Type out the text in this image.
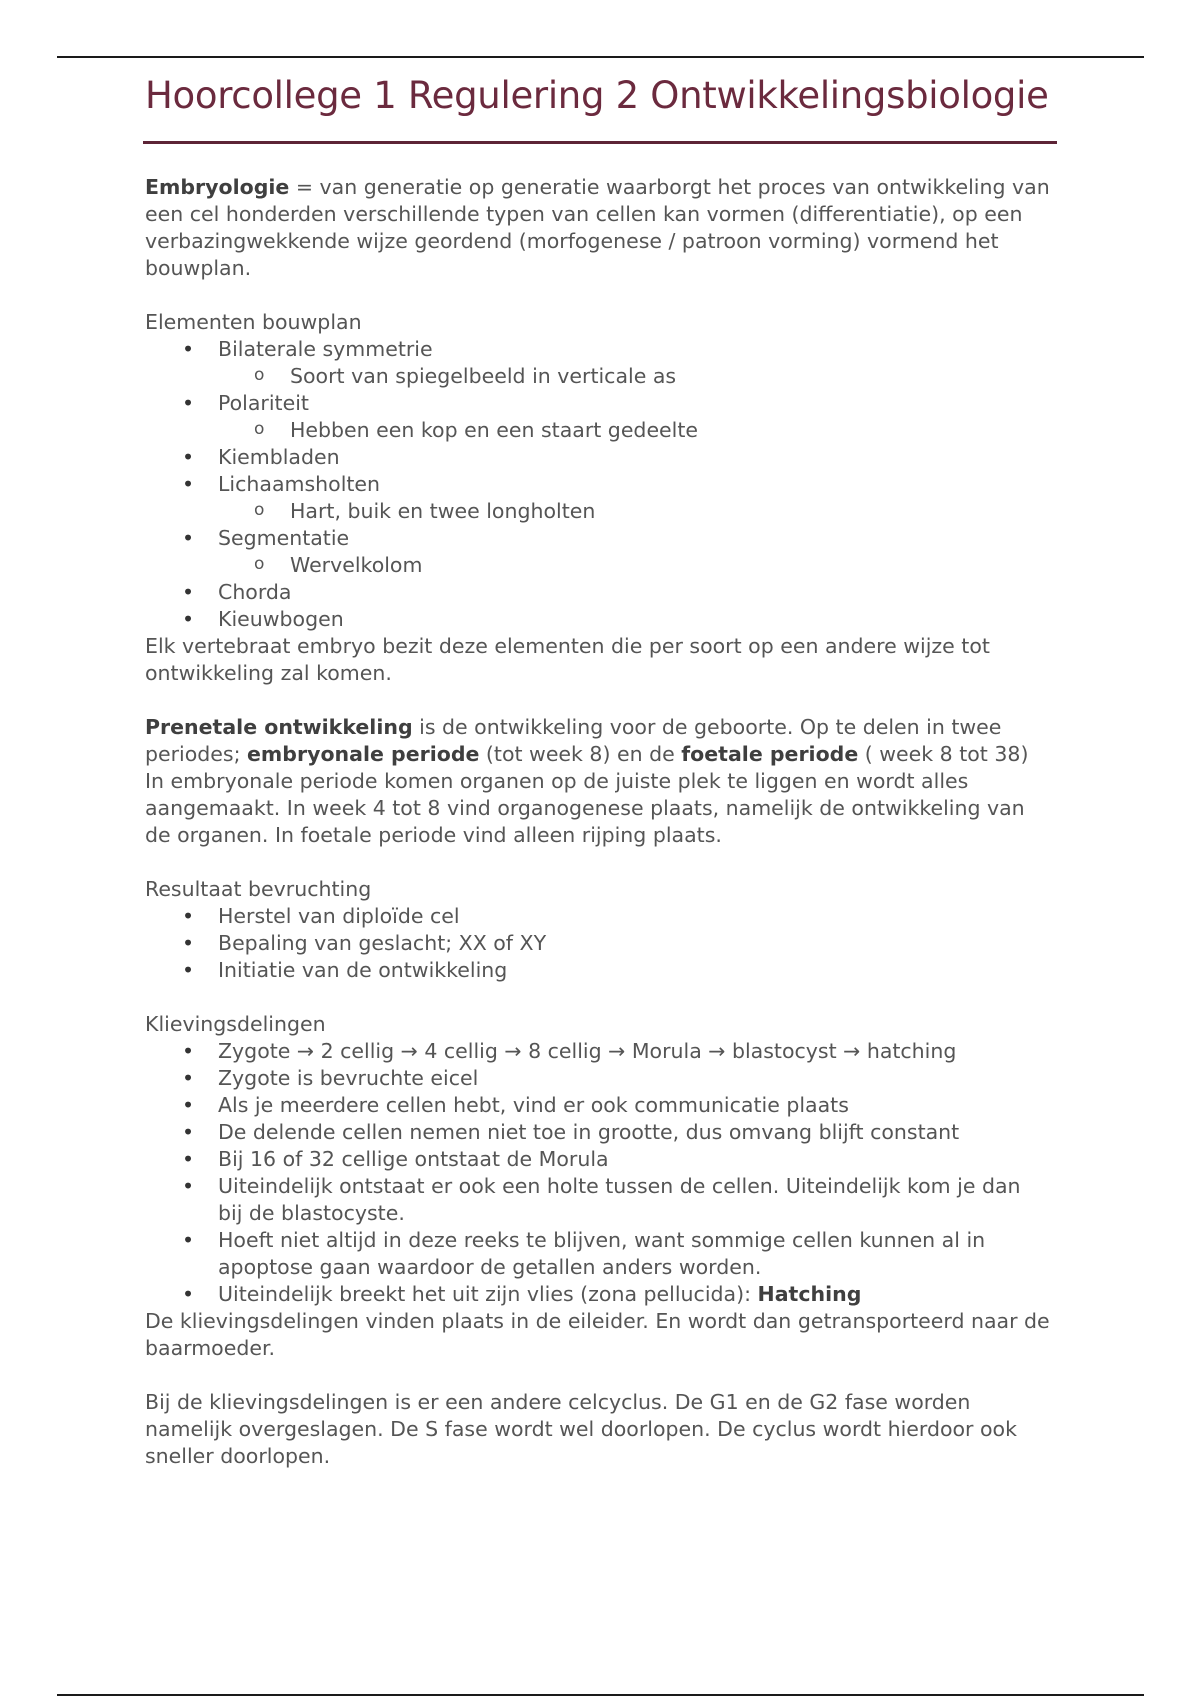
Hoorcollege 1 Regulering 2 Ontwikkelingsbiologie

Embryologie = van generatie op generatie waarborgt het proces van ontwikkeling van een cel honderden verschillende typen van cellen kan vormen (differentiatie), op een verbazingwekkende wijze geordend (morfogenese / patroon vorming) vormend het bouwplan.

Elementen bouwplan

• Bilaterale symmetrie
o Soort van spiegelbeeld in verticale as
• Polariteit
o Hebben een kop en een staart gedeelte
• Kiembladen
• Lichaamsholten
o Hart, buik en twee longholten
• Segmentatie
o Wervelkolom
• Chorda
• Kieuwbogen

Elk vertebraat embryo bezit deze elementen die per soort op een andere wijze tot ontwikkeling zal komen.

Prenetale ontwikkeling is de ontwikkeling voor de geboorte. Op te delen in twee periodes; embryonale periode (tot week 8) en de foetale periode ( week 8 tot 38) In embryonale periode komen organen op de juiste plek te liggen en wordt alles aangemaakt. In week 4 tot 8 vind organogenese plaats, namelijk de ontwikkeling van de organen. In foetale periode vind alleen rijping plaats.

Resultaat bevruchting

• Herstel van diploïde cel
• Bepaling van geslacht; XX of XY
• Initiatie van de ontwikkeling

Klievingsdelingen

• Zygote → 2 cellig → 4 cellig → 8 cellig → Morula → blastocyst → hatching
• Zygote is bevruchte eicel
• Als je meerdere cellen hebt, vind er ook communicatie plaats
• De delende cellen nemen niet toe in grootte, dus omvang blijft constant
• Bij 16 of 32 cellige ontstaat de Morula
• Uiteindelijk ontstaat er ook een holte tussen de cellen. Uiteindelijk kom je dan bij de blastocyste.
• Hoeft niet altijd in deze reeks te blijven, want sommige cellen kunnen al in apoptose gaan waardoor de getallen anders worden.
• Uiteindelijk breekt het uit zijn vlies (zona pellucida): Hatching

De klievingsdelingen vinden plaats in de eileider. En wordt dan getransporteerd naar de baarmoeder.

Bij de klievingsdelingen is er een andere celcyclus. De G1 en de G2 fase worden namelijk overgeslagen. De S fase wordt wel doorlopen. De cyclus wordt hierdoor ook sneller doorlopen.
